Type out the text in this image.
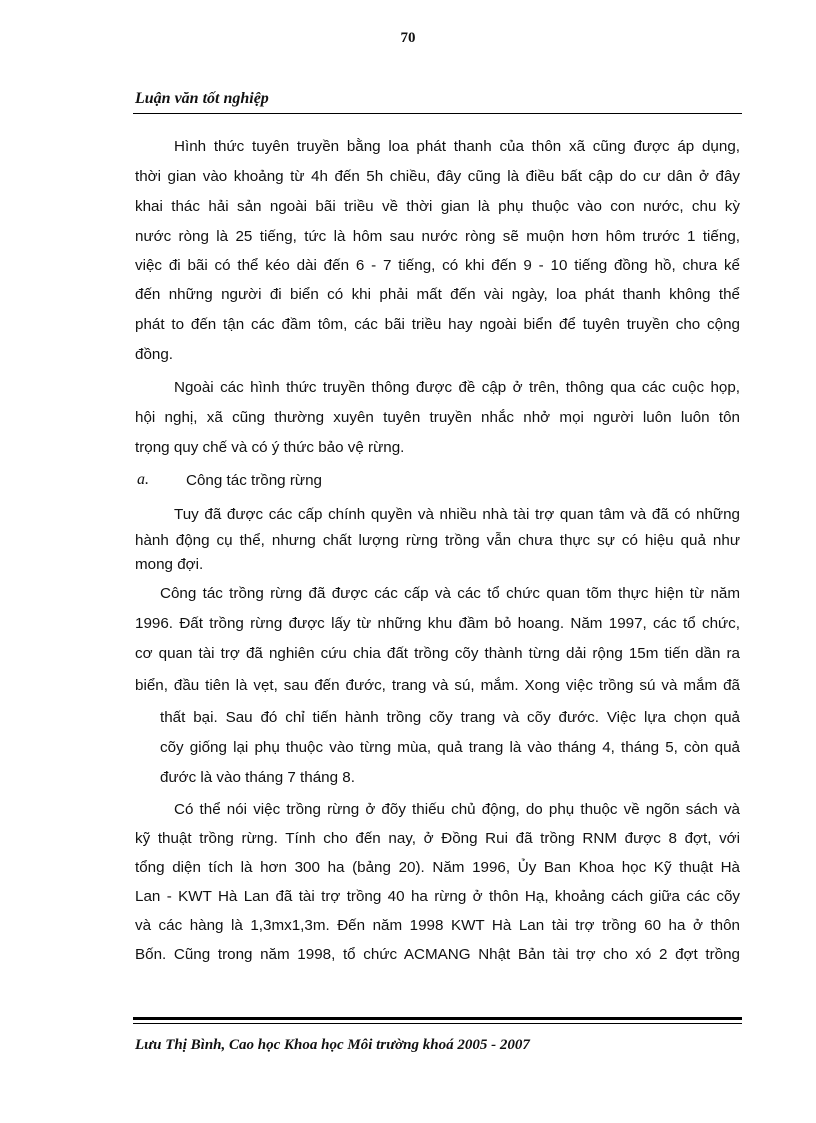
70
Luận văn tốt nghiệp
Hình thức tuyên truyền bằng loa phát thanh của thôn xã cũng được áp dụng,
thời gian vào khoảng từ 4h đến 5h chiều, đây cũng là điều bất cập do cư dân ở đây
khai thác hải sản ngoài bãi triều về thời gian là phụ thuộc vào con nước, chu kỳ
nước ròng là 25 tiếng, tức là hôm sau nước ròng sẽ muộn hơn hôm trước 1 tiếng,
việc đi bãi có thể kéo dài đến 6 - 7 tiếng, có khi đến 9 - 10 tiếng đồng hồ, chưa kể
đến những người đi biển có khi phải mất đến vài ngày, loa phát thanh không thể
phát to đến tận các đầm tôm, các bãi triều hay ngoài biển để tuyên truyền cho cộng
đồng.
Ngoài các hình thức truyền thông được đề cập ở trên, thông qua các cuộc họp,
hội nghị, xã cũng thường xuyên tuyên truyền nhắc nhở mọi người luôn luôn tôn
trọng quy chế và có ý thức bảo vệ rừng.
a. Công tác trồng rừng
Tuy đã được các cấp chính quyền và nhiều nhà tài trợ quan tâm và đã có những
hành động cụ thể, nhưng chất lượng rừng trồng vẫn chưa thực sự có hiệu quả như
mong đợi.
Công tác trồng rừng đã được các cấp và các tổ chức quan tõm thực hiện từ năm
1996. Đất trồng rừng được lấy từ những khu đầm bỏ hoang. Năm 1997, các tổ chức,
cơ quan tài trợ đã nghiên cứu chia đất trồng cõy thành từng dải rộng 15m tiến dần ra
biển, đầu tiên là vẹt, sau đến đước, trang và sú, mắm. Xong việc trồng sú và mắm đã
thất bại. Sau đó chỉ tiến hành trồng cõy trang và cõy đước. Việc lựa chọn quả
cõy giống lại phụ thuộc vào từng mùa, quả trang là vào tháng 4, tháng 5, còn quả
đước là vào tháng 7 tháng 8.
Có thể nói việc trồng rừng ở đõy thiếu chủ động, do phụ thuộc về ngõn sách và
kỹ thuật trồng rừng. Tính cho đến nay, ở Đồng Rui đã trồng RNM được 8 đợt, với
tổng diện tích là hơn 300 ha (bảng 20). Năm 1996, Ủy Ban Khoa học Kỹ thuật Hà
Lan - KWT Hà Lan đã tài trợ trồng 40 ha rừng ở thôn Hạ, khoảng cách giữa các cõy
và các hàng là 1,3mx1,3m. Đến năm 1998 KWT Hà Lan tài trợ trồng 60 ha ở thôn
Bốn. Cũng trong năm 1998, tổ chức ACMANG Nhật Bản tài trợ cho xó 2 đợt trồng
Lưu Thị Bình, Cao học Khoa học Môi trường khoá 2005 - 2007
